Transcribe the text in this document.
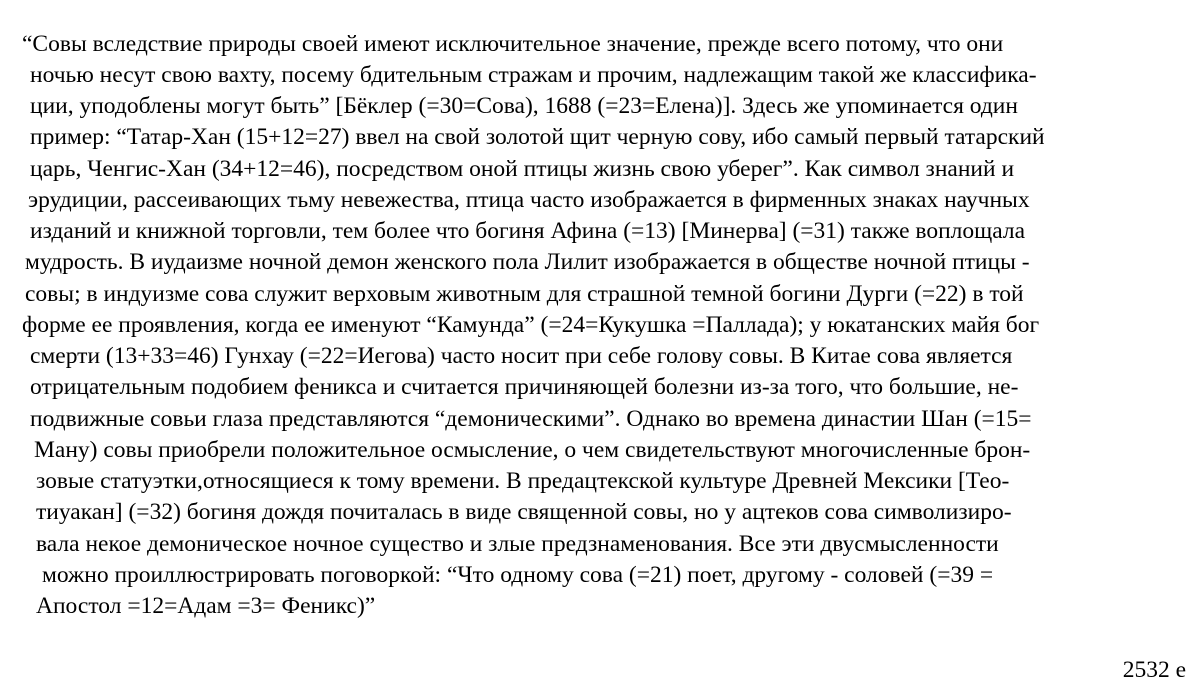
“Совы вследствие природы своей имеют исключительное значение, прежде всего потому, что они
ночью несут свою вахту, посему бдительным стражам и прочим, надлежащим такой же классифика-
ции, уподоблены могут быть” [Бёклер (=30=Сова), 1688 (=23=Елена)]. Здесь же упоминается один
пример: “Татар-Хан (15+12=27) ввел на свой золотой щит черную сову, ибо самый первый татарский
царь, Ченгис-Хан (34+12=46), посредством оной птицы жизнь свою уберег”. Как символ знаний и
эрудиции, рассеивающих тьму невежества, птица часто изображается в фирменных знаках научных
изданий и книжной торговли, тем более что богиня Афина (=13) [Минерва] (=31) также воплощала
мудрость. В иудаизме ночной демон женского пола Лилит изображается в обществе ночной птицы -
совы; в индуизме сова служит верховым животным для страшной темной богини Дурги (=22) в той
форме ее проявления, когда ее именуют “Камунда” (=24=Кукушка =Паллада); у юкатанских майя бог
смерти (13+33=46) Гунхау (=22=Иегова) часто носит при себе голову совы. В Китае сова является
отрицательным подобием феникса и считается причиняющей болезни из-за того, что большие, не-
подвижные совьи глаза представляются “демоническими”. Однако во времена династии Шан (=15=
Ману) совы приобрели положительное осмысление, о чем свидетельствуют многочисленные брон-
зовые статуэтки,относящиеся к тому времени. В предацтекской культуре Древней Мексики [Тео-
тиуакан] (=32) богиня дождя почиталась в виде священной совы, но у ацтеков сова символизиро-
вала некое демоническое ночное существо и злые предзнаменования. Все эти двусмысленности
можно проиллюстрировать поговоркой: “Что одному сова (=21) поет, другому - соловей (=39 =
Апостол =12=Адам =3= Феникс)”
2532 e
